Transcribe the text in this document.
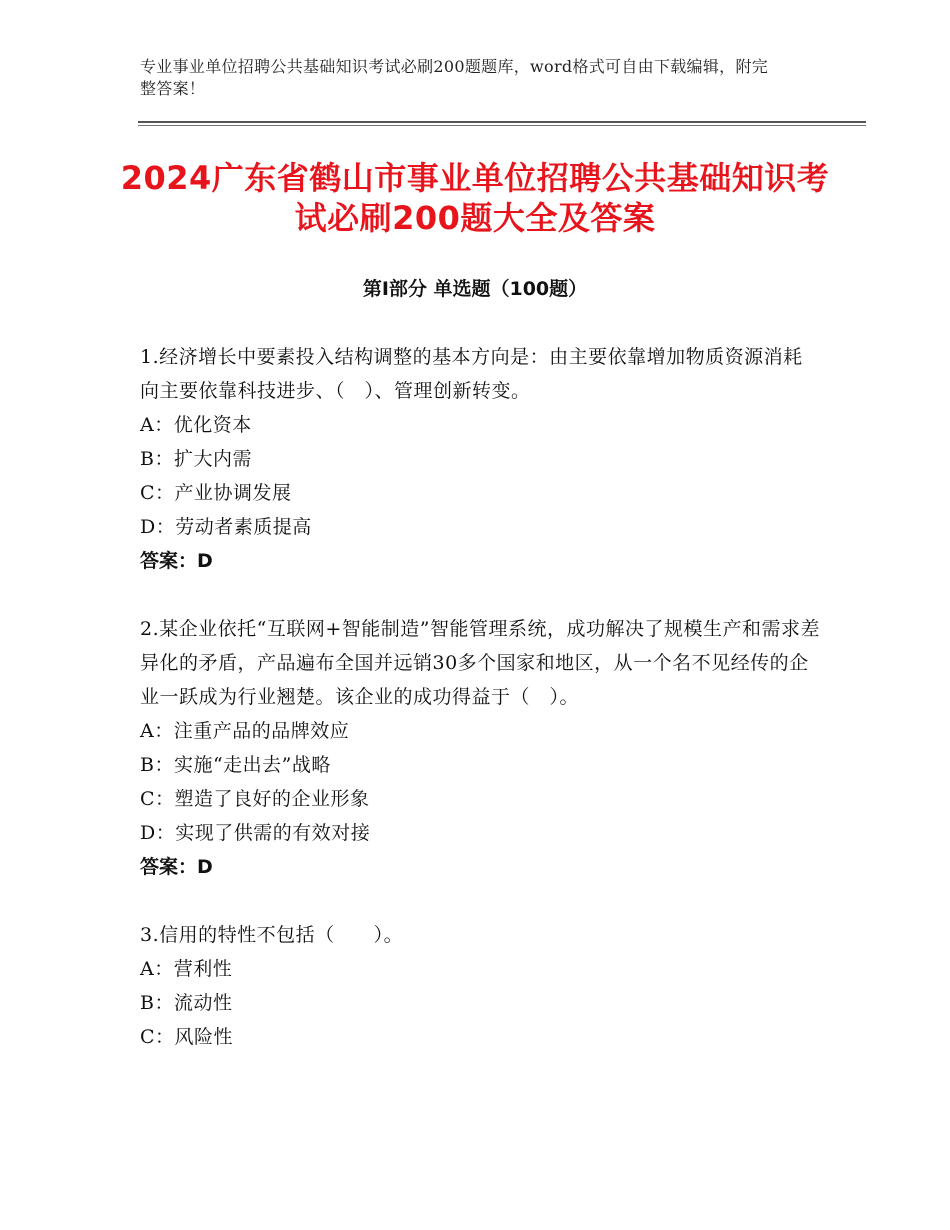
专业事业单位招聘公共基础知识考试必刷200题题库，word格式可自由下载编辑，附完整答案！
2024广东省鹤山市事业单位招聘公共基础知识考试必刷200题大全及答案
第Ⅰ部分 单选题（100题）
1.经济增长中要素投入结构调整的基本方向是：由主要依靠增加物质资源消耗向主要依靠科技进步、（　）、管理创新转变。
A：优化资本
B：扩大内需
C：产业协调发展
D：劳动者素质提高
答案：D
2.某企业依托“互联网+智能制造”智能管理系统，成功解决了规模生产和需求差异化的矛盾，产品遍布全国并远销30多个国家和地区，从一个名不见经传的企业一跃成为行业翘楚。该企业的成功得益于（　）。
A：注重产品的品牌效应
B：实施“走出去”战略
C：塑造了良好的企业形象
D：实现了供需的有效对接
答案：D
3.信用的特性不包括（　　）。
A：营利性
B：流动性
C：风险性
